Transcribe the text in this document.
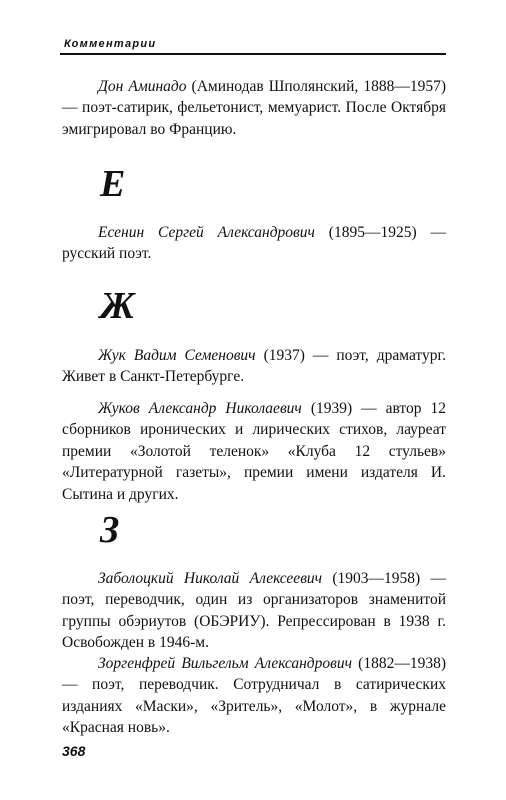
Комментарии

Дон Аминадо (Аминодав Шполянский, 1888—1957) — поэт-сатирик, фельетонист, мемуарист. После Октября эмигрировал во Францию.

Е

Есенин Сергей Александрович (1895—1925) — русский поэт.

Ж

Жук Вадим Семенович (1937) — поэт, драматург. Живет в Санкт-Петербурге.

Жуков Александр Николаевич (1939) — автор 12 сборников иронических и лирических стихов, лауреат премии «Золотой теленок» «Клуба 12 стульев» «Литературной газеты», премии имени издателя И. Сытина и других.

З

Заболоцкий Николай Алексеевич (1903—1958) — поэт, переводчик, один из организаторов знаменитой группы обэриутов (ОБЭРИУ). Репрессирован в 1938 г. Освобожден в 1946-м.

Зоргенфрей Вильгельм Александрович (1882—1938) — поэт, переводчик. Сотрудничал в сатирических изданиях «Маски», «Зритель», «Молот», в журнале «Красная новь».

368
